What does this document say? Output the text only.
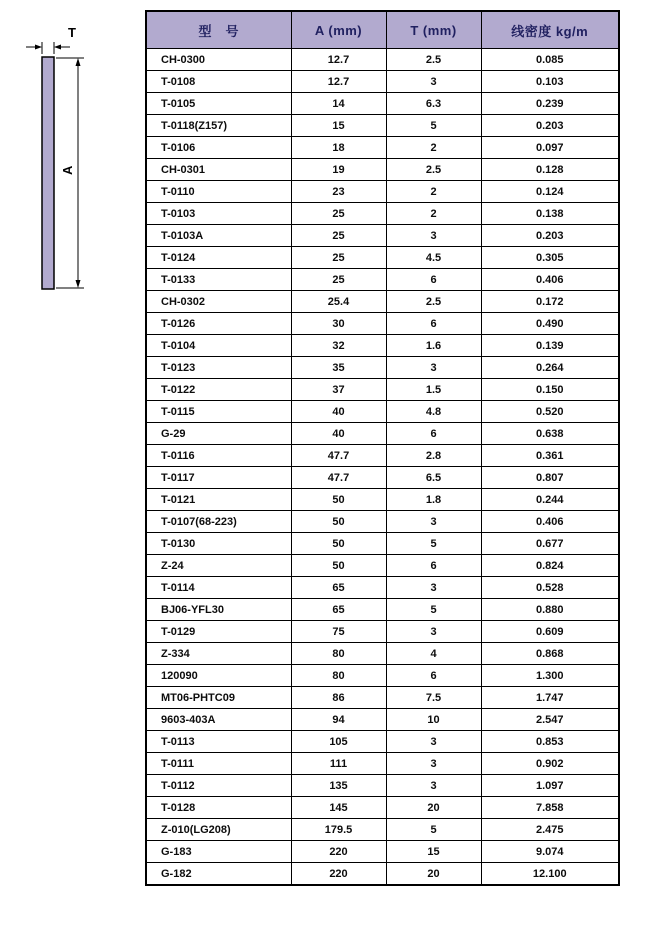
T
A
型　号	A (mm)	T (mm)	线密度 kg/m
CH-0300	12.7	2.5	0.085
T-0108	12.7	3	0.103
T-0105	14	6.3	0.239
T-0118(Z157)	15	5	0.203
T-0106	18	2	0.097
CH-0301	19	2.5	0.128
T-0110	23	2	0.124
T-0103	25	2	0.138
T-0103A	25	3	0.203
T-0124	25	4.5	0.305
T-0133	25	6	0.406
CH-0302	25.4	2.5	0.172
T-0126	30	6	0.490
T-0104	32	1.6	0.139
T-0123	35	3	0.264
T-0122	37	1.5	0.150
T-0115	40	4.8	0.520
G-29	40	6	0.638
T-0116	47.7	2.8	0.361
T-0117	47.7	6.5	0.807
T-0121	50	1.8	0.244
T-0107(68-223)	50	3	0.406
T-0130	50	5	0.677
Z-24	50	6	0.824
T-0114	65	3	0.528
BJ06-YFL30	65	5	0.880
T-0129	75	3	0.609
Z-334	80	4	0.868
120090	80	6	1.300
MT06-PHTC09	86	7.5	1.747
9603-403A	94	10	2.547
T-0113	105	3	0.853
T-0111	111	3	0.902
T-0112	135	3	1.097
T-0128	145	20	7.858
Z-010(LG208)	179.5	5	2.475
G-183	220	15	9.074
G-182	220	20	12.100
